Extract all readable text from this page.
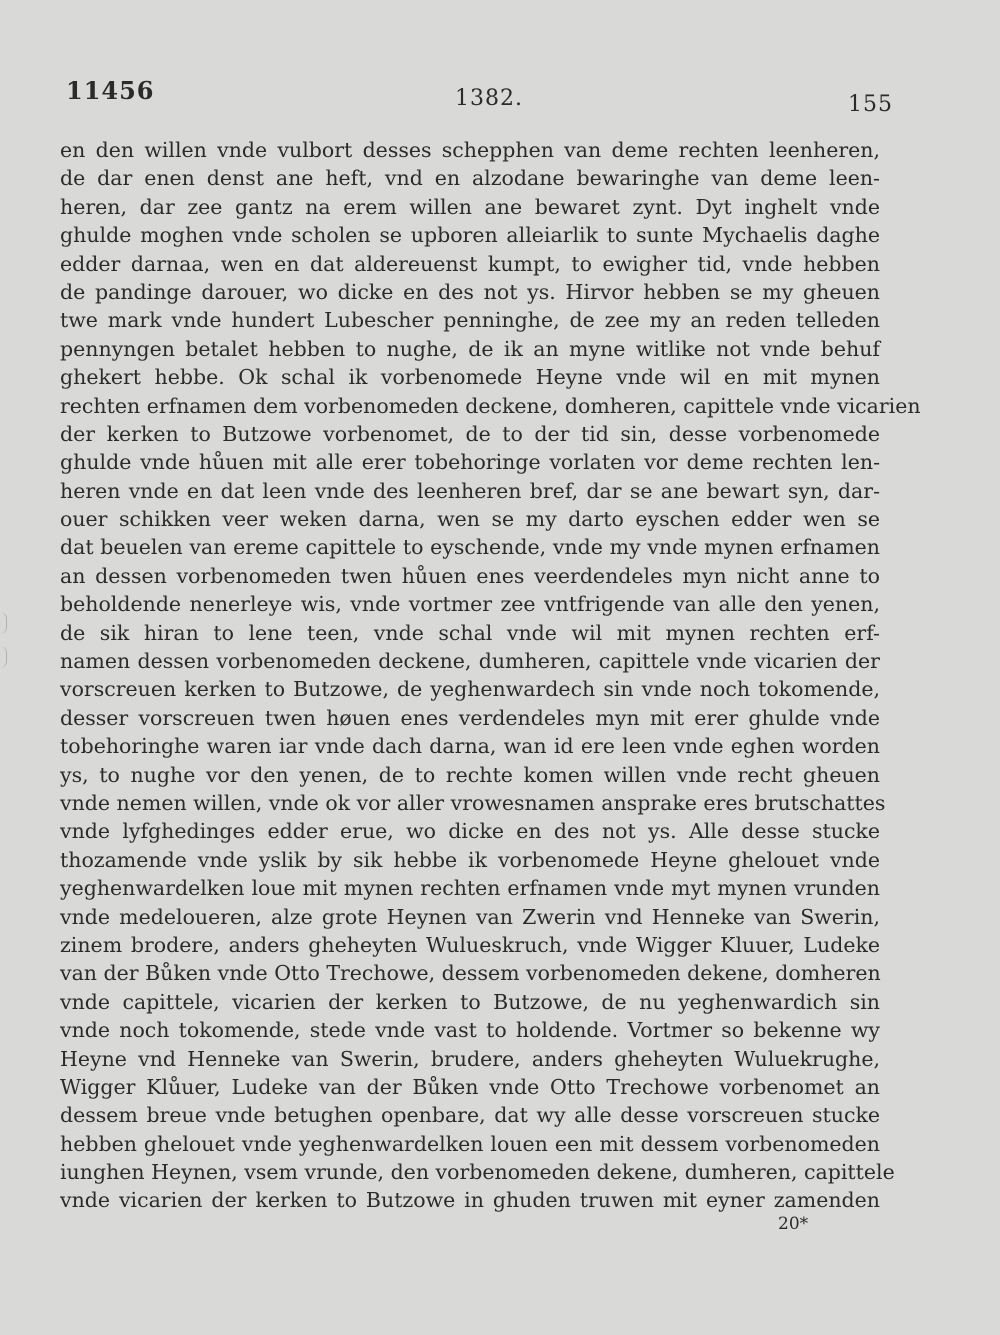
11456	1382.	155
en den willen vnde vulbort desses schepphen van deme rechten leenheren,
de dar enen denst ane heft, vnd en alzodane bewaringhe van deme leen-
heren, dar zee gantz na erem willen ane bewaret zynt. Dyt inghelt vnde
ghulde moghen vnde scholen se upboren alleiarlik to sunte Mychaelis daghe
edder darnaa, wen en dat aldereuenst kumpt, to ewigher tid, vnde hebben
de pandinge darouer, wo dicke en des not ys. Hirvor hebben se my gheuen
twe mark vnde hundert Lubescher penninghe, de zee my an reden telleden
pennyngen betalet hebben to nughe, de ik an myne witlike not vnde behuf
ghekert hebbe. Ok schal ik vorbenomede Heyne vnde wil en mit mynen
rechten erfnamen dem vorbenomeden deckene, domheren, capittele vnde vicarien
der kerken to Butzowe vorbenomet, de to der tid sin, desse vorbenomede
ghulde vnde hůuen mit alle erer tobehoringe vorlaten vor deme rechten len-
heren vnde en dat leen vnde des leenheren bref, dar se ane bewart syn, dar-
ouer schikken veer weken darna, wen se my darto eyschen edder wen se
dat beuelen van ereme capittele to eyschende, vnde my vnde mynen erfnamen
an dessen vorbenomeden twen hůuen enes veerdendeles myn nicht anne to
beholdende nenerleye wis, vnde vortmer zee vntfrigende van alle den yenen,
de sik hiran to lene teen, vnde schal vnde wil mit mynen rechten erf-
namen dessen vorbenomeden deckene, dumheren, capittele vnde vicarien der
vorscreuen kerken to Butzowe, de yeghenwardech sin vnde noch tokomende,
desser vorscreuen twen høuen enes verdendeles myn mit erer ghulde vnde
tobehoringhe waren iar vnde dach darna, wan id ere leen vnde eghen worden
ys, to nughe vor den yenen, de to rechte komen willen vnde recht gheuen
vnde nemen willen, vnde ok vor aller vrowesnamen ansprake eres brutschattes
vnde lyfghedinges edder erue, wo dicke en des not ys. Alle desse stucke
thozamende vnde yslik by sik hebbe ik vorbenomede Heyne ghelouet vnde
yeghenwardelken loue mit mynen rechten erfnamen vnde myt mynen vrunden
vnde medeloueren, alze grote Heynen van Zwerin vnd Henneke van Swerin,
zinem brodere, anders gheheyten Wulueskruch, vnde Wigger Kluuer, Ludeke
van der Bůken vnde Otto Trechowe, dessem vorbenomeden dekene, domheren
vnde capittele, vicarien der kerken to Butzowe, de nu yeghenwardich sin
vnde noch tokomende, stede vnde vast to holdende. Vortmer so bekenne wy
Heyne vnd Henneke van Swerin, brudere, anders gheheyten Wuluekrughe,
Wigger Klůuer, Ludeke van der Bůken vnde Otto Trechowe vorbenomet an
dessem breue vnde betughen openbare, dat wy alle desse vorscreuen stucke
hebben ghelouet vnde yeghenwardelken louen een mit dessem vorbenomeden
iunghen Heynen, vsem vrunde, den vorbenomeden dekene, dumheren, capittele
vnde vicarien der kerken to Butzowe in ghuden truwen mit eyner zamenden
20*
